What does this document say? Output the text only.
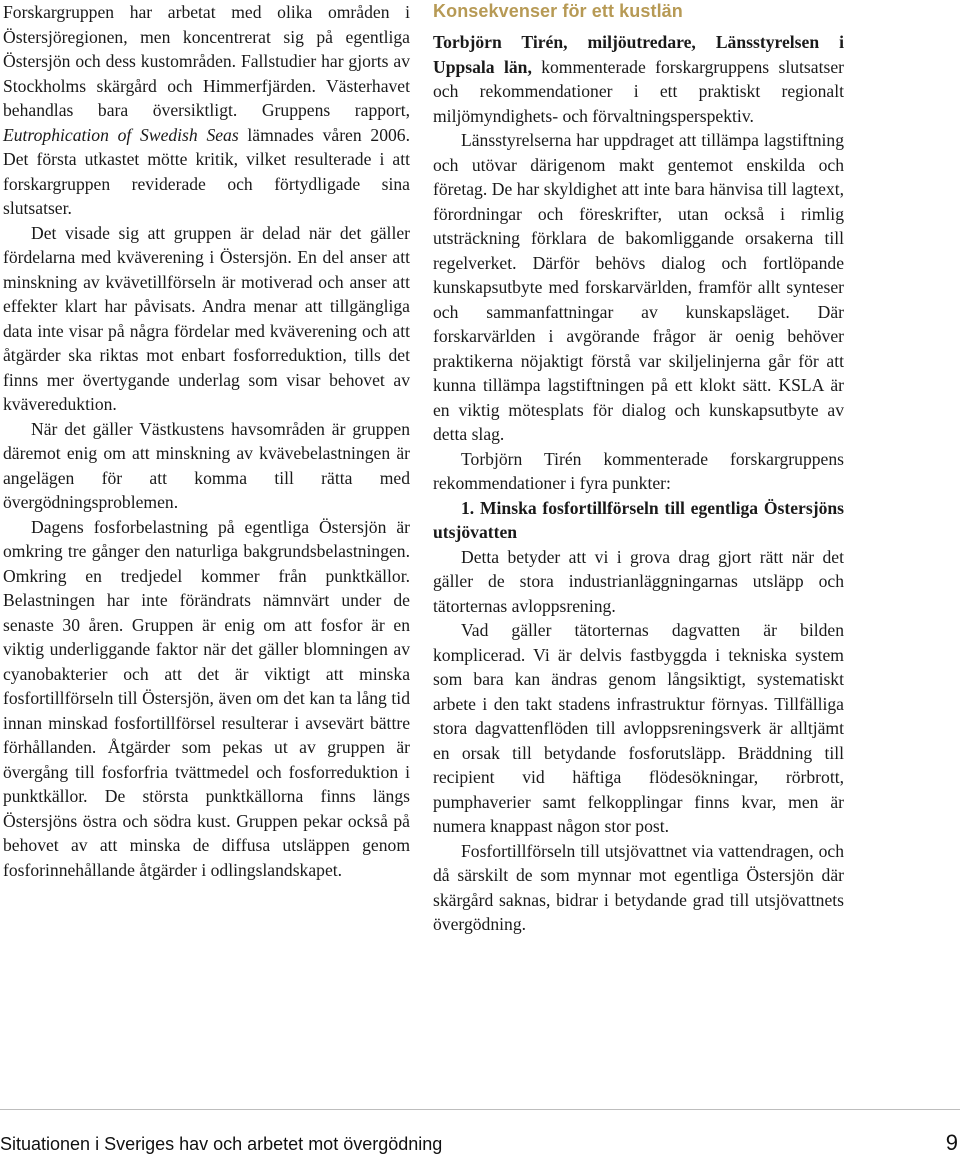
Forskargruppen har arbetat med olika områden i Östersjöregionen, men koncentrerat sig på egentliga Östersjön och dess kustområden. Fallstudier har gjorts av Stockholms skärgård och Himmerfjärden. Västerhavet behandlas bara översiktligt. Gruppens rapport, Eutrophication of Swedish Seas lämnades våren 2006. Det första utkastet mötte kritik, vilket resulterade i att forskargruppen reviderade och förtydligade sina slutsatser.

Det visade sig att gruppen är delad när det gäller fördelarna med kväverening i Östersjön. En del anser att minskning av kvävetillförseln är motiverad och anser att effekter klart har påvisats. Andra menar att tillgängliga data inte visar på några fördelar med kväverening och att åtgärder ska riktas mot enbart fosforreduktion, tills det finns mer övertygande underlag som visar behovet av kvävereduktion.

När det gäller Västkustens havsområden är gruppen däremot enig om att minskning av kvävebelastningen är angelägen för att komma till rätta med övergödningsproblemen.

Dagens fosforbelastning på egentliga Östersjön är omkring tre gånger den naturliga bakgrundsbelastningen. Omkring en tredjedel kommer från punktkällor. Belastningen har inte förändrats nämnvärt under de senaste 30 åren. Gruppen är enig om att fosfor är en viktig underliggande faktor när det gäller blomningen av cyanobakterier och att det är viktigt att minska fosfortillförseln till Östersjön, även om det kan ta lång tid innan minskad fosfortillförsel resulterar i avsevärt bättre förhållanden. Åtgärder som pekas ut av gruppen är övergång till fosforfria tvättmedel och fosforreduktion i punktkällor. De största punktkällorna finns längs Östersjöns östra och södra kust. Gruppen pekar också på behovet av att minska de diffusa utsläppen genom fosforinnehållande åtgärder i odlingslandskapet.

Konsekvenser för ett kustlän

Torbjörn Tirén, miljöutredare, Länsstyrelsen i Uppsala län, kommenterade forskargruppens slutsatser och rekommendationer i ett praktiskt regionalt miljömyndighets- och förvaltningsperspektiv.

Länsstyrelserna har uppdraget att tillämpa lagstiftning och utövar därigenom makt gentemot enskilda och företag. De har skyldighet att inte bara hänvisa till lagtext, förordningar och föreskrifter, utan också i rimlig utsträckning förklara de bakomliggande orsakerna till regelverket. Därför behövs dialog och fortlöpande kunskapsutbyte med forskarvärlden, framför allt synteser och sammanfattningar av kunskapsläget. Där forskarvärlden i avgörande frågor är oenig behöver praktikerna nöjaktigt förstå var skiljelinjerna går för att kunna tillämpa lagstiftningen på ett klokt sätt. KSLA är en viktig mötesplats för dialog och kunskapsutbyte av detta slag.

Torbjörn Tirén kommenterade forskargruppens rekommendationer i fyra punkter:

1. Minska fosfortillförseln till egentliga Östersjöns utsjövatten

Detta betyder att vi i grova drag gjort rätt när det gäller de stora industrianläggningarnas utsläpp och tätorternas avloppsrening.

Vad gäller tätorternas dagvatten är bilden komplicerad. Vi är delvis fastbyggda i tekniska system som bara kan ändras genom långsiktigt, systematiskt arbete i den takt stadens infrastruktur förnyas. Tillfälliga stora dagvattenflöden till avloppsreningsverk är alltjämt en orsak till betydande fosforutsläpp. Bräddning till recipient vid häftiga flödesökningar, rörbrott, pumphaverier samt felkopplingar finns kvar, men är numera knappast någon stor post.

Fosfortillförseln till utsjövattnet via vattendragen, och då särskilt de som mynnar mot egentliga Östersjön där skärgård saknas, bidrar i betydande grad till utsjövattnets övergödning.

Situationen i Sveriges hav och arbetet mot övergödning	9
